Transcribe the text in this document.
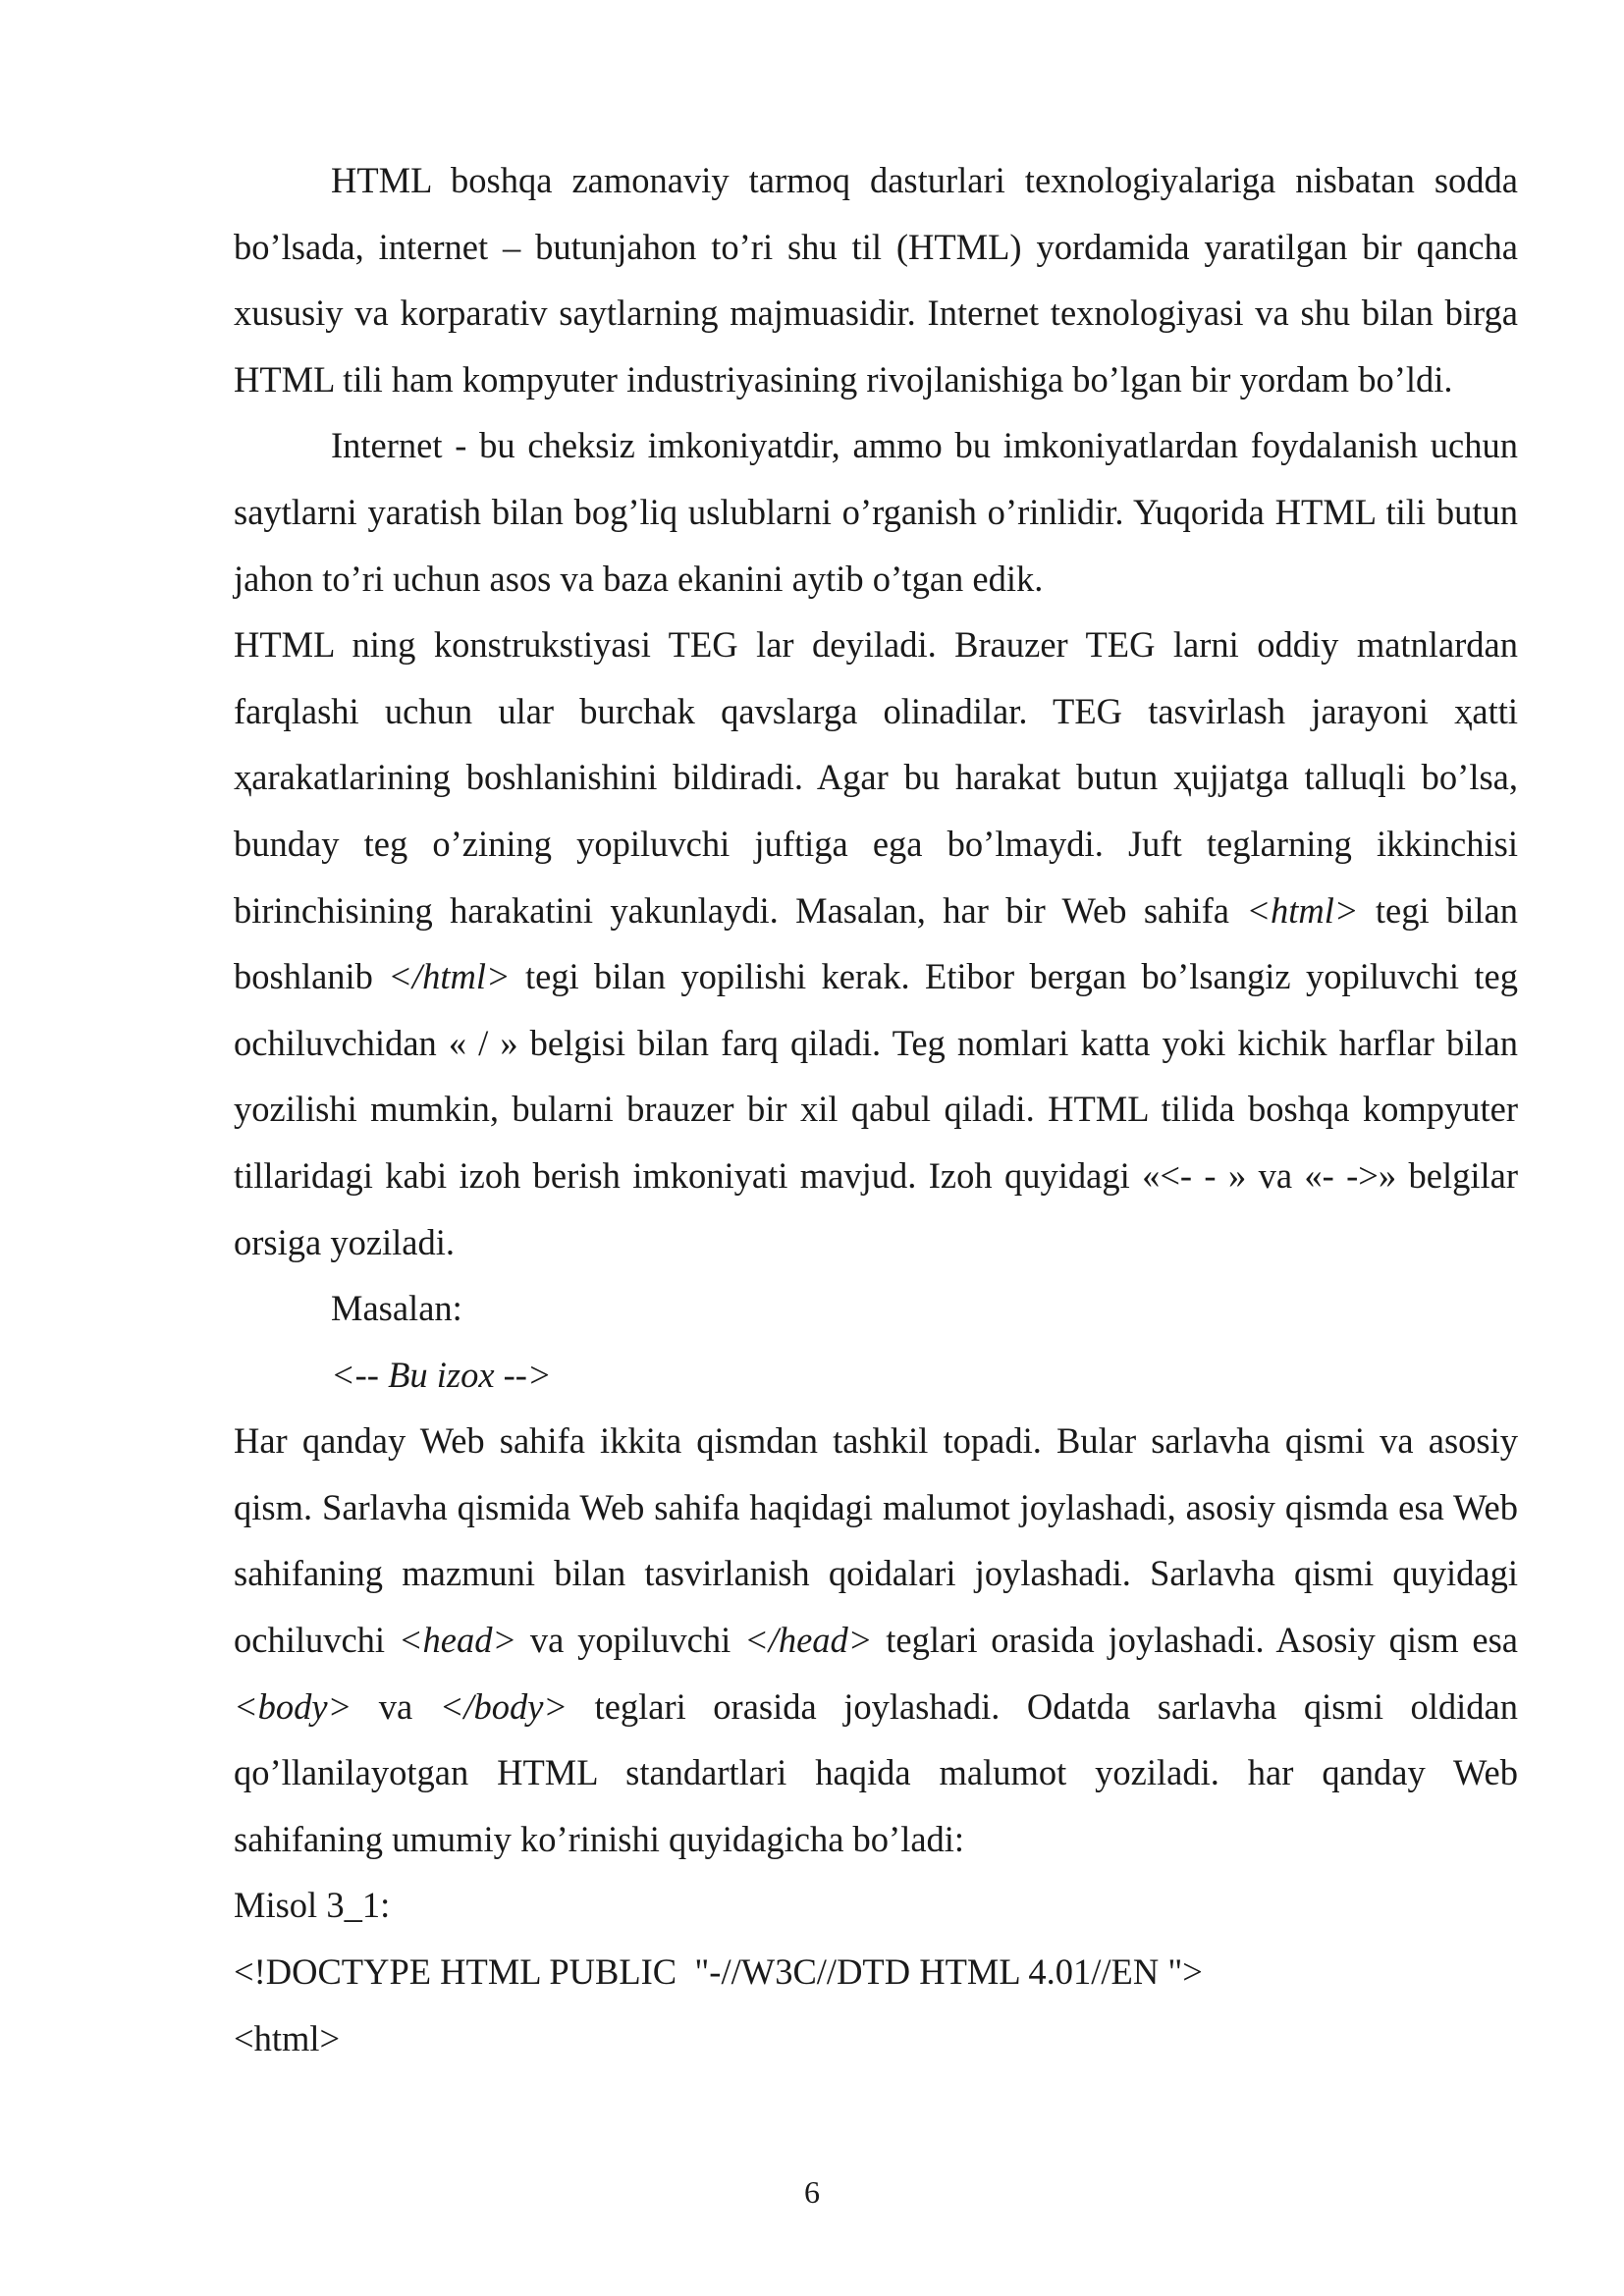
HTML boshqa zamonaviy tarmoq dasturlari texnologiyalariga nisbatan sodda bo’lsada, internet – butunjahon to’ri shu til (HTML) yordamida yaratilgan bir qancha xususiy va korparativ saytlarning majmuasidir. Internet texnologiyasi va shu bilan birga HTML tili ham kompyuter industriyasining rivojlanishiga bo’lgan bir yordam bo’ldi.

Internet - bu cheksiz imkoniyatdir, ammo bu imkoniyatlardan foydalanish uchun saytlarni yaratish bilan bog’liq uslublarni o’rganish o’rinlidir. Yuqorida HTML tili butun jahon to’ri uchun asos va baza ekanini aytib o’tgan edik.

HTML ning konstrukstiyasi TEG lar deyiladi. Brauzer TEG larni oddiy matnlardan farqlashi uchun ular burchak qavslarga olinadilar. TEG tasvirlash jarayoni ҳatti ҳarakatlarining boshlanishini bildiradi. Agar bu harakat butun ҳujjatga talluqli bo’lsa, bunday teg o’zining yopiluvchi juftiga ega bo’lmaydi. Juft teglarning ikkinchisi birinchisining harakatini yakunlaydi. Masalan, har bir Web sahifa <html> tegi bilan boshlanib </html> tegi bilan yopilishi kerak. Etibor bergan bo’lsangiz yopiluvchi teg ochiluvchidan « / » belgisi bilan farq qiladi. Teg nomlari katta yoki kichik harflar bilan yozilishi mumkin, bularni brauzer bir xil qabul qiladi. HTML tilida boshqa kompyuter tillaridagi kabi izoh berish imkoniyati mavjud. Izoh quyidagi «<- - » va «- ->» belgilar orsiga yoziladi.

Masalan:

<-- Bu izox -->

Har qanday Web sahifa ikkita qismdan tashkil topadi. Bular sarlavha qismi va asosiy qism. Sarlavha qismida Web sahifa haqidagi malumot joylashadi, asosiy qismda esa Web sahifaning mazmuni bilan tasvirlanish qoidalari joylashadi. Sarlavha qismi quyidagi ochiluvchi <head> va yopiluvchi </head> teglari orasida joylashadi. Asosiy qism esa <body> va </body> teglari orasida joylashadi. Odatda sarlavha qismi oldidan qo’llanilayotgan HTML standartlari haqida malumot yoziladi. har qanday Web sahifaning umumiy ko’rinishi quyidagicha bo’ladi:

Misol 3_1:

<!DOCTYPE HTML PUBLIC  "-//W3C//DTD HTML 4.01//EN ">

<html>

6
